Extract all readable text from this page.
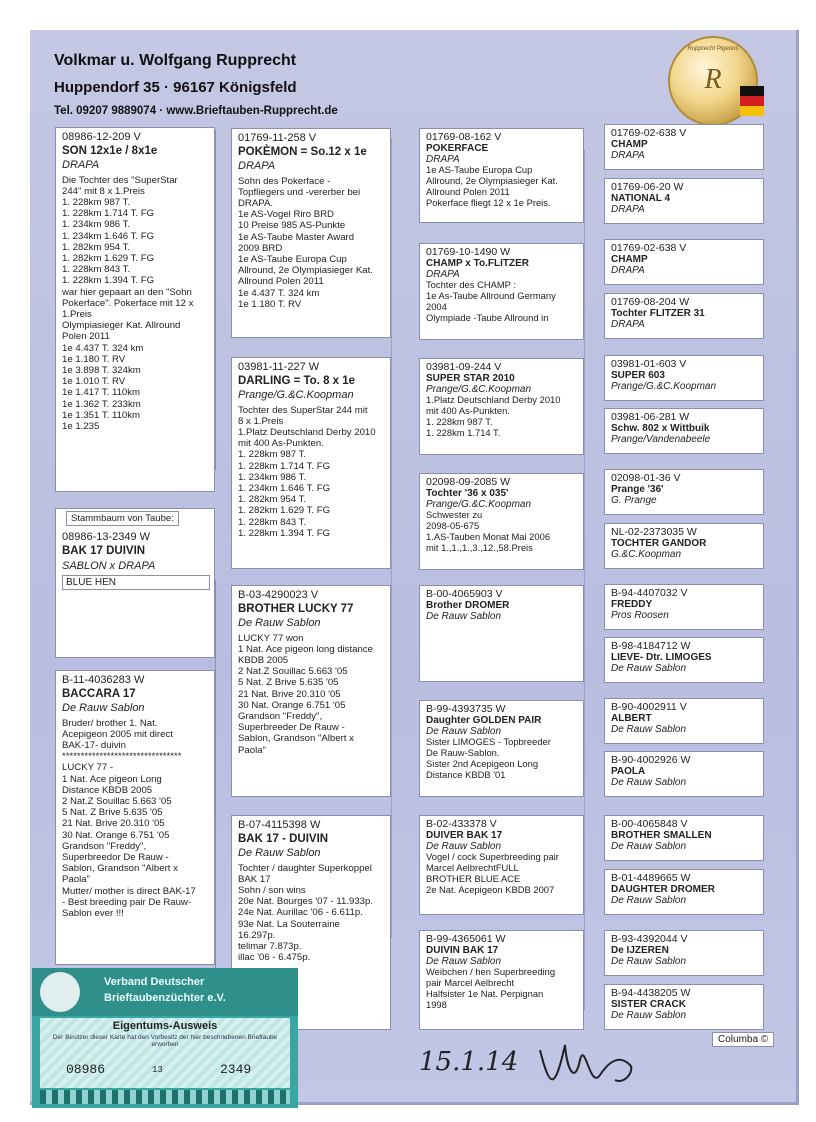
Volkmar u. Wolfgang Rupprecht
Huppendorf 35 · 96167 Königsfeld
Tel. 09207 9889074 · www.Brieftauben-Rupprecht.de
Rupprecht Pigeons
R
08986-12-209 V
SON 12x1e / 8x1e
DRAPA
Die Tochter des "SuperStar
244" mit 8 x 1.Preis
1. 228km 987 T.
1. 228km 1.714 T. FG
1. 234km 986 T.
1. 234km 1.646 T. FG
1. 282km 954 T.
1. 282km 1.629 T. FG
1. 228km 843 T.
1. 228km 1.394 T. FG
war hier gepaart an den "Sohn
Pokerface". Pokerface mit 12 x
1.Preis
Olympiasieger Kat. Allround
Polen 2011
1e 4.437 T. 324 km
1e 1.180 T. RV
1e 3.898 T. 324km
1e 1.010 T. RV
1e 1.417 T. 110km
1e 1.362 T. 233km
1e 1.351 T. 110km
1e 1.235
Stammbaum von Taube:
08986-13-2349 W
BAK 17 DUIVIN
SABLON x DRAPA
BLUE HEN
B-11-4036283 W
BACCARA 17
De Rauw Sablon
Bruder/ brother 1. Nat.
Acepigeon 2005 mit direct
BAK-17- duivin
********************************
LUCKY 77 -
1 Nat. Ace pigeon Long
Distance KBDB 2005
2 Nat.Z Souillac 5.663 '05
5 Nat. Z Brive 5.635 '05
21 Nat. Brive 20.310 '05
30 Nat. Orange 6.751 '05
Grandson "Freddy",
Superbreedor De Rauw -
Sablon, Grandson "Albert x
Paola"
Mutter/ mother is direct BAK-17
- Best breeding pair De Rauw-
Sablon ever !!!
01769-11-258 V
POKÈMON = So.12 x 1e
DRAPA
Sohn des Pokerface -
Topfliegers und -vererber bei
DRAPA.
1e AS-Vogel Riro BRD
10 Preise 985 AS-Punkte
1e AS-Taube Master Award
2009 BRD
1e AS-Taube Europa Cup
Allround, 2e Olympiasieger Kat.
Allround Polen 2011
1e 4.437 T. 324 km
1e 1.180 T. RV
03981-11-227 W
DARLING = To. 8 x 1e
Prange/G.&C.Koopman
Tochter des SuperStar 244 mit
8 x 1.Preis
1.Platz Deutschland Derby 2010
mit 400 As-Punkten.
1. 228km 987 T.
1. 228km 1.714 T. FG
1. 234km 986 T.
1. 234km 1.646 T. FG
1. 282km 954 T.
1. 282km 1.629 T. FG
1. 228km 843 T.
1. 228km 1.394 T. FG
B-03-4290023 V
BROTHER LUCKY 77
De Rauw Sablon
LUCKY 77 won
1 Nat. Ace pigeon long distance
KBDB 2005
2 Nat.Z Souillac 5.663 '05
5 Nat. Z Brive 5.635 '05
21 Nat. Brive 20.310 '05
30 Nat. Orange 6.751 '05
Grandson "Freddy",
Superbreeder De Rauw -
Sablon, Grandson "Albert x
Paola"
B-07-4115398 W
BAK 17 - DUIVIN
De Rauw Sablon
Tochter / daughter Superkoppel
BAK 17
Sohn / son wins
20e Nat. Bourges '07 - 11.933p.
24e Nat. Aurillac '06 - 6.611p.
93e Nat. La Souterraine
16.297p.
telimar 7.873p.
illac '06 - 6.475p.
01769-08-162 V
POKERFACE
DRAPA
1e AS-Taube Europa Cup
Allround, 2e Olympiasieger Kat.
Allround Polen 2011
Pokerface fliegt 12 x 1e Preis.
01769-10-1490 W
CHAMP x To.FLITZER
DRAPA
Tochter des CHAMP :
1e As-Taube Allround Germany
2004
Olympiade -Taube Allround in
03981-09-244 V
SUPER STAR 2010
Prange/G.&C.Koopman
1.Platz Deutschland Derby 2010
mit 400 As-Punkten.
1. 228km 987 T.
1. 228km 1.714 T.
02098-09-2085 W
Tochter '36 x 035'
Prange/G.&C.Koopman
Schwester zu
2098-05-675
1.AS-Tauben Monat Mai 2006
mit 1.,1.,1.,3.,12.,58.Preis
B-00-4065903 V
Brother DROMER
De Rauw Sablon
B-99-4393735 W
Daughter GOLDEN PAIR
De Rauw Sablon
Sister LIMOGES - Topbreeder
De Rauw-Sablon.
Sister 2nd Acepigeon Long
Distance KBDB '01
B-02-433378 V
DUIVER BAK 17
De Rauw Sablon
Vogel / cock Superbreeding pair
Marcel AelbrechtFULL
BROTHER BLUE ACE
2e Nat. Acepigeon KBDB 2007
B-99-4365061 W
DUIVIN BAK 17
De Rauw Sablon
Weibchen / hen Superbreeding
pair Marcel Aelbrecht
Halfsister 1e Nat. Perpignan
1998
01769-02-638 V
CHAMP
DRAPA
01769-06-20 W
NATIONAL 4
DRAPA
01769-02-638 V
CHAMP
DRAPA
01769-08-204 W
Tochter FLITZER 31
DRAPA
03981-01-603 V
SUPER 603
Prange/G.&C.Koopman
03981-06-281 W
Schw. 802 x Wittbuik
Prange/Vandenabeele
02098-01-36 V
Prange '36'
G. Prange
NL-02-2373035 W
TOCHTER GANDOR
G.&C.Koopman
B-94-4407032 V
FREDDY
Pros Roosen
B-98-4184712 W
LIEVE- Dtr. LIMOGES
De Rauw Sablon
B-90-4002911 V
ALBERT
De Rauw Sablon
B-90-4002926 W
PAOLA
De Rauw Sablon
B-00-4065848 V
BROTHER SMALLEN
De Rauw Sablon
B-01-4489665 W
DAUGHTER DROMER
De Rauw Sablon
B-93-4392044 V
De IJZEREN
De Rauw Sablon
B-94-4438205 W
SISTER CRACK
De Rauw Sablon
Verband Deutscher
Brieftaubenzüchter e.V.
Eigentums-Ausweis
Der Besitzer dieser Karte hat den Vorbesitz der hier beschriebenen Brieftaube erworben
08986	13	2349	15.1.14
Columba ©
